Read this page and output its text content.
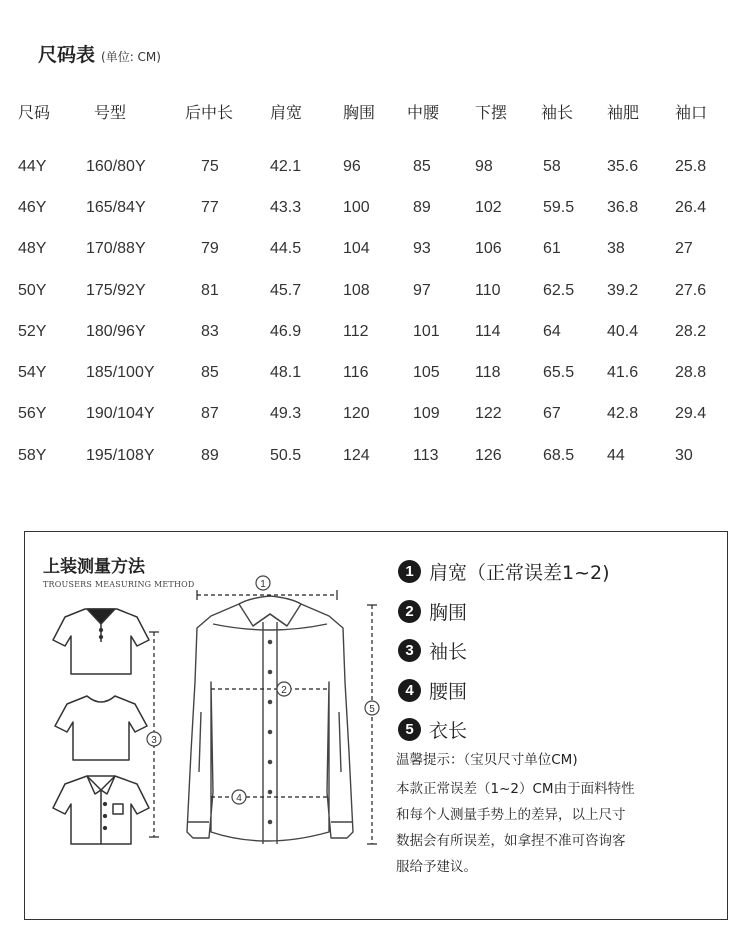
尺码表 (单位: CM)
尺码	号型	后中长	肩宽	胸围	中腰	下摆	袖长	袖肥	袖口

44Y	160/80Y	75	42.1	96	85	98	58	35.6	25.8
46Y	165/84Y	77	43.3	100	89	102	59.5	36.8	26.4
48Y	170/88Y	79	44.5	104	93	106	61	38	27
50Y	175/92Y	81	45.7	108	97	110	62.5	39.2	27.6
52Y	180/96Y	83	46.9	112	101	114	64	40.4	28.2
54Y	185/100Y	85	48.1	116	105	118	65.5	41.6	28.8
56Y	190/104Y	87	49.3	120	109	122	67	42.8	29.4
58Y	195/108Y	89	50.5	124	113	126	68.5	44	30
上装测量方法
TROUSERS MEASURING METHOD	1
2
3
4
5
1 肩宽（正常误差1~2)
2 胸围
3 袖长
4 腰围
5 衣长
温馨提示：（宝贝尺寸单位CM)
本款正常误差（1~2）CM由于面料特性
和每个人测量手势上的差异，以上尺寸
数据会有所误差，如拿捏不准可咨询客
服给予建议。
